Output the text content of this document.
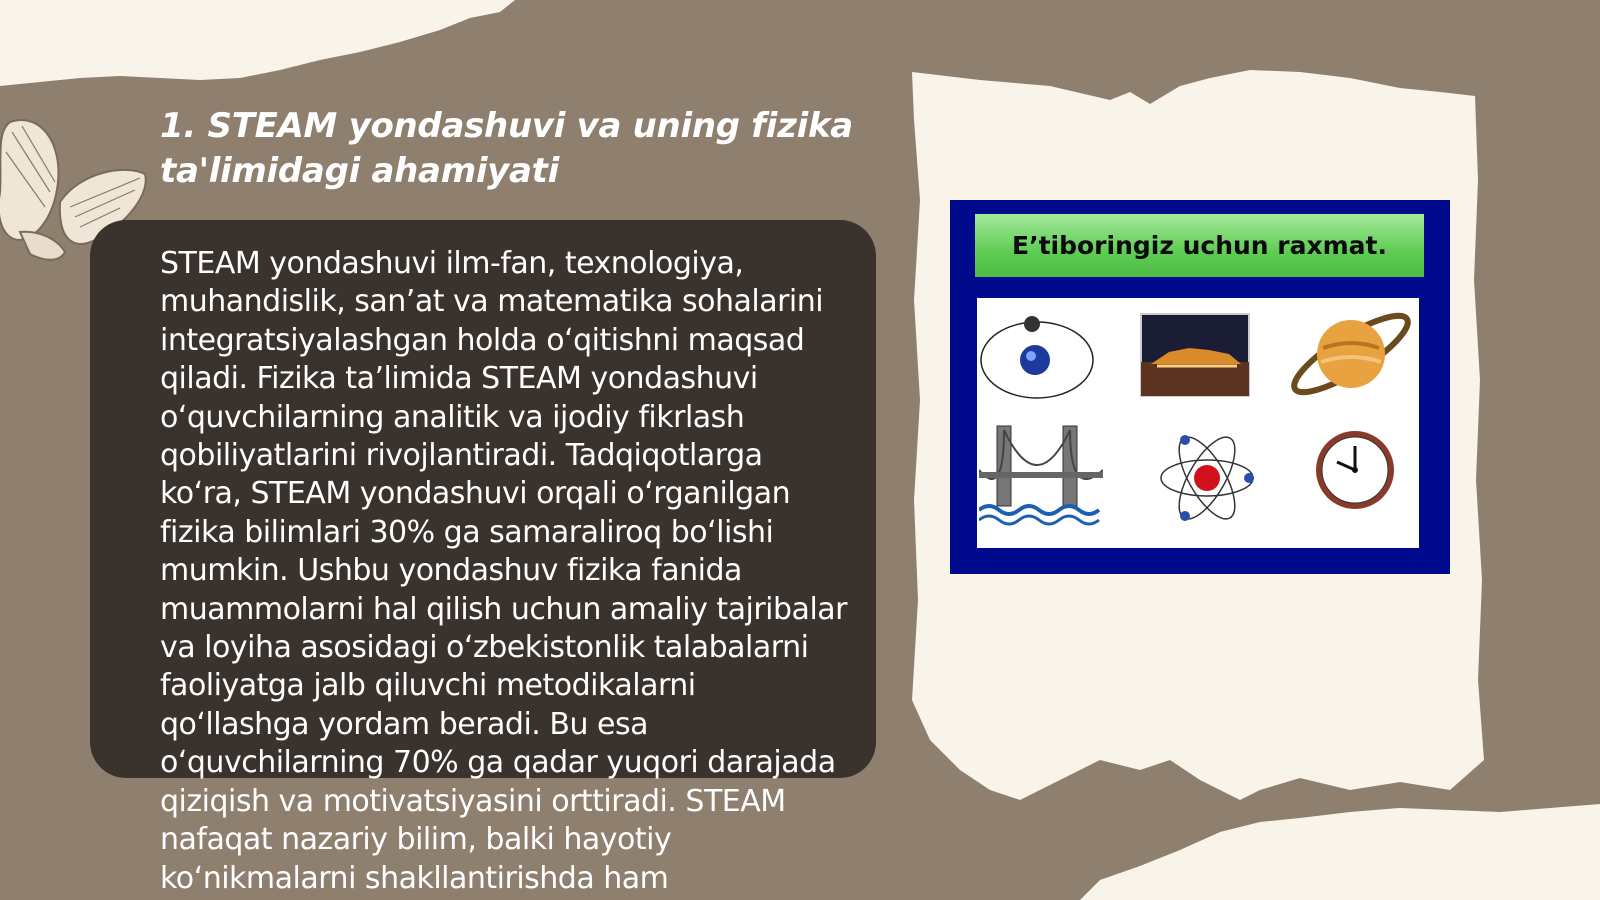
1. STEAM yondashuvi va uning fizika ta'limidagi ahamiyati

STEAM yondashuvi ilm-fan, texnologiya, muhandislik, san’at va matematika sohalarini integratsiyalashgan holda o‘qitishni maqsad qiladi. Fizika ta’limida STEAM yondashuvi o‘quvchilarning analitik va ijodiy fikrlash qobiliyatlarini rivojlantiradi. Tadqiqotlarga ko‘ra, STEAM yondashuvi orqali o‘rganilgan fizika bilimlari 30% ga samaraliroq bo‘lishi mumkin. Ushbu yondashuv fizika fanida muammolarni hal qilish uchun amaliy tajribalar va loyiha asosidagi o‘zbekistonlik talabalarni faoliyatga jalb qiluvchi metodikalarni qo‘llashga yordam beradi. Bu esa o‘quvchilarning 70% ga qadar yuqori darajada qiziqish va motivatsiyasini orttiradi. STEAM nafaqat nazariy bilim, balki hayotiy ko‘nikmalarni shakllantirishda ham

E’tiboringiz uchun raxmat.
